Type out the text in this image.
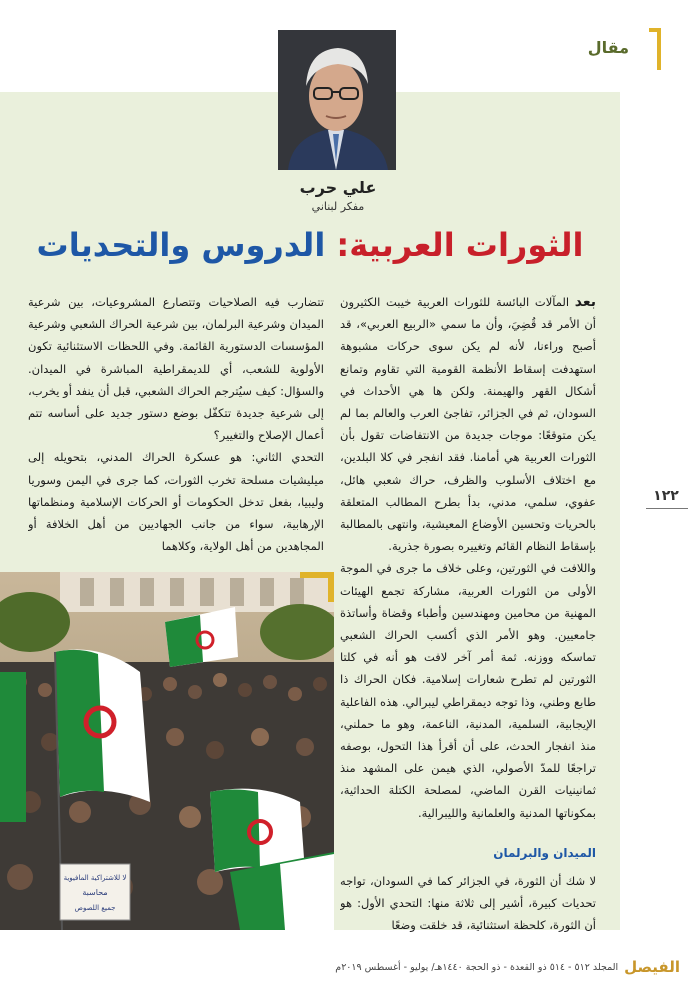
مقال
علي حرب
مفكر لبناني
الثورات العربية: الدروس والتحديات

بعد المآلات البائسة للثورات العربية خيبت الكثيرون أن الأمر قد قُضِيَ، وأن ما سمي «الربيع العربي»، قد أصبح وراءنا، لأنه لم يكن سوى حركات مشبوهة استهدفت إسقاط الأنظمة القومية التي تقاوم وتمانع أشكال القهر والهيمنة. ولكن ها هي الأحداث في السودان، ثم في الجزائر، تفاجئ العرب والعالم بما لم يكن متوقعًا: موجات جديدة من الانتفاضات تقول بأن الثورات العربية هي أمامنا. فقد انفجر في كلا البلدين، مع اختلاف الأسلوب والظرف، حراك شعبي هائل، عفوي، سلمي، مدني، بدأ بطرح المطالب المتعلقة بالحريات وتحسين الأوضاع المعيشية، وانتهى بالمطالبة بإسقاط النظام القائم وتغييره بصورة جذرية.

واللافت في الثورتين، وعلى خلاف ما جرى في الموجة الأولى من الثورات العربية، مشاركة تجمع الهيئات المهنية من محامين ومهندسين وأطباء وقضاة وأساتذة جامعيين. وهو الأمر الذي أكسب الحراك الشعبي تماسكه ووزنه. ثمة أمر آخر لافت هو أنه في كلتا الثورتين لم تطرح شعارات إسلامية. فكان الحراك ذا طابع وطني، وذا توجه ديمقراطي ليبرالي. هذه الفاعلية الإيجابية، السلمية، المدنية، الناعمة، وهو ما حملني، منذ انفجار الحدث، على أن أقرأ هذا التحول، بوصفه تراجعًا للمدّ الأصولي، الذي هيمن على المشهد منذ ثمانينيات القرن الماضي، لمصلحة الكتلة الحداثية، بمكوناتها المدنية والعلمانية والليبرالية.

الميدان والبرلمان

لا شك أن الثورة، في الجزائر كما في السودان، تواجه تحديات كبيرة، أشير إلى ثلاثة منها: التحدي الأول: هو أن الثورة، كلحظة استثنائية، قد خلقت وضعًا

تتضارب فيه الصلاحيات وتتصارع المشروعيات، بين شرعية الميدان وشرعية البرلمان، بين شرعية الحراك الشعبي وشرعية المؤسسات الدستورية القائمة. وفي اللحظات الاستثنائية تكون الأولوية للشعب، أي للديمقراطية المباشرة في الميدان. والسؤال: كيف سيُترجم الحراك الشعبي، قبل أن ينفد أو يخرب، إلى شرعية جديدة تتكفّل بوضع دستور جديد على أساسه تتم أعمال الإصلاح والتغيير؟

التحدي الثاني: هو عسكرة الحراك المدني، بتحويله إلى ميليشيات مسلحة تخرب الثورات، كما جرى في اليمن وسوريا وليبيا، بفعل تدخل الحكومات أو الحركات الإسلامية ومنظماتها الإرهابية، سواء من جانب الجهاديين من أهل الخلافة أو المجاهدين من أهل الولاية، وكلاهما

لا للاشتراكية المافيوية
محاسبة
جميع اللصوص
١٢٢
الفيصل
المجلد ٥١٢ - ٥١٤ ذو القعدة - ذو الحجة ١٤٤٠هـ/ يوليو - أغسطس ٢٠١٩م
